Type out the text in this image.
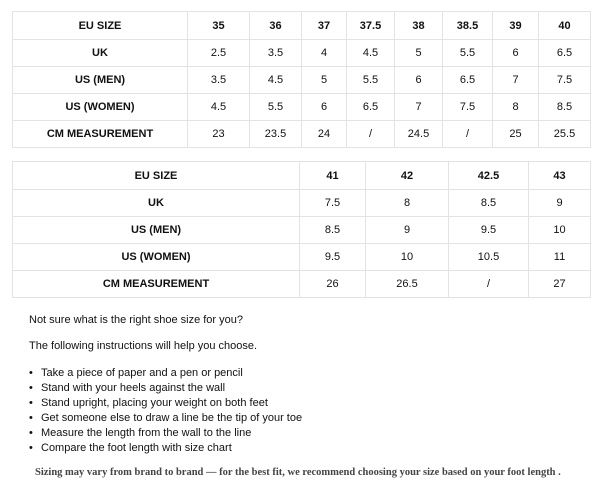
EU SIZE	35	36	37	37.5	38	38.5	39	40
UK	2.5	3.5	4	4.5	5	5.5	6	6.5
US (MEN)	3.5	4.5	5	5.5	6	6.5	7	7.5
US (WOMEN)	4.5	5.5	6	6.5	7	7.5	8	8.5
CM MEASUREMENT	23	23.5	24	/	24.5	/	25	25.5
EU SIZE	41	42	42.5	43
UK	7.5	8	8.5	9
US (MEN)	8.5	9	9.5	10
US (WOMEN)	9.5	10	10.5	11
CM MEASUREMENT	26	26.5	/	27

Not sure what is the right shoe size for you?

The following instructions will help you choose.

• Take a piece of paper and a pen or pencil
• Stand with your heels against the wall
• Stand upright, placing your weight on both feet
• Get someone else to draw a line be the tip of your toe
• Measure the length from the wall to the line
• Compare the foot length with size chart

Sizing may vary from brand to brand — for the best fit, we recommend choosing your size based on your foot length .
